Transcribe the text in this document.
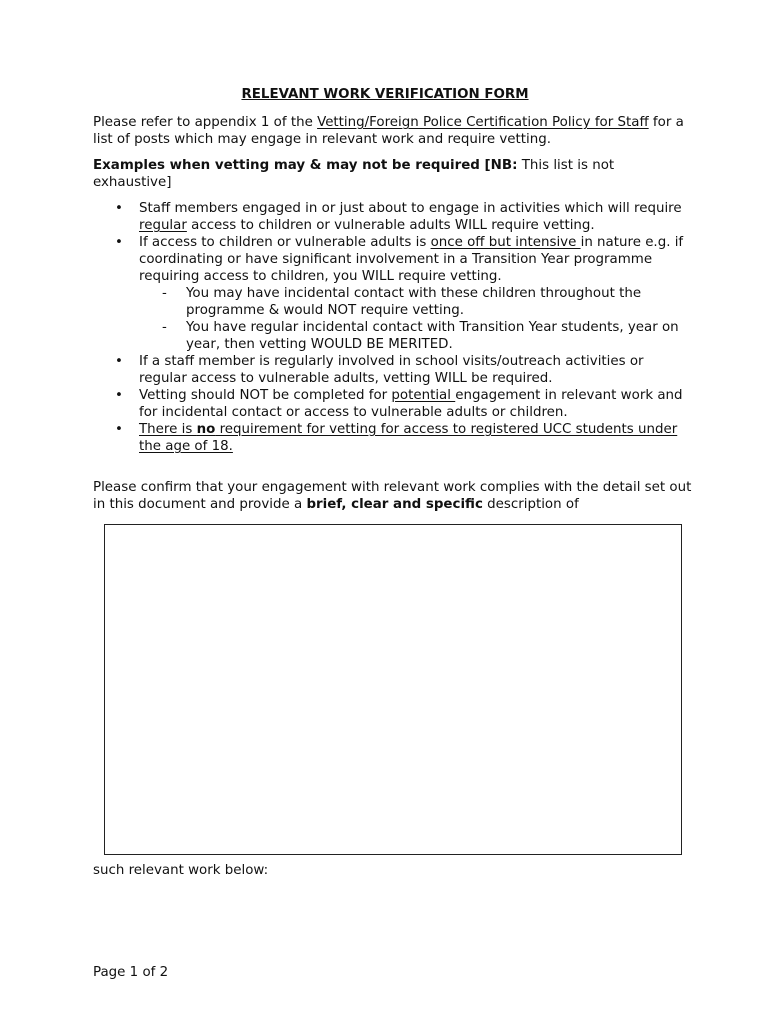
RELEVANT WORK VERIFICATION FORM

Please refer to appendix 1 of the Vetting/Foreign Police Certification Policy for Staff for a list of posts which may engage in relevant work and require vetting.

Examples when vetting may & may not be required [NB: This list is not exhaustive]

• Staff members engaged in or just about to engage in activities which will require regular access to children or vulnerable adults WILL require vetting.
• If access to children or vulnerable adults is once off but intensive in nature e.g. if coordinating or have significant involvement in a Transition Year programme requiring access to children, you WILL require vetting.
- You may have incidental contact with these children throughout the programme & would NOT require vetting.
- You have regular incidental contact with Transition Year students, year on year, then vetting WOULD BE MERITED.
• If a staff member is regularly involved in school visits/outreach activities or regular access to vulnerable adults, vetting WILL be required.
• Vetting should NOT be completed for potential engagement in relevant work and for incidental contact or access to vulnerable adults or children.
• There is no requirement for vetting for access to registered UCC students under the age of 18.

Please confirm that your engagement with relevant work complies with the detail set out in this document and provide a brief, clear and specific description of

such relevant work below:

Page 1 of 2
